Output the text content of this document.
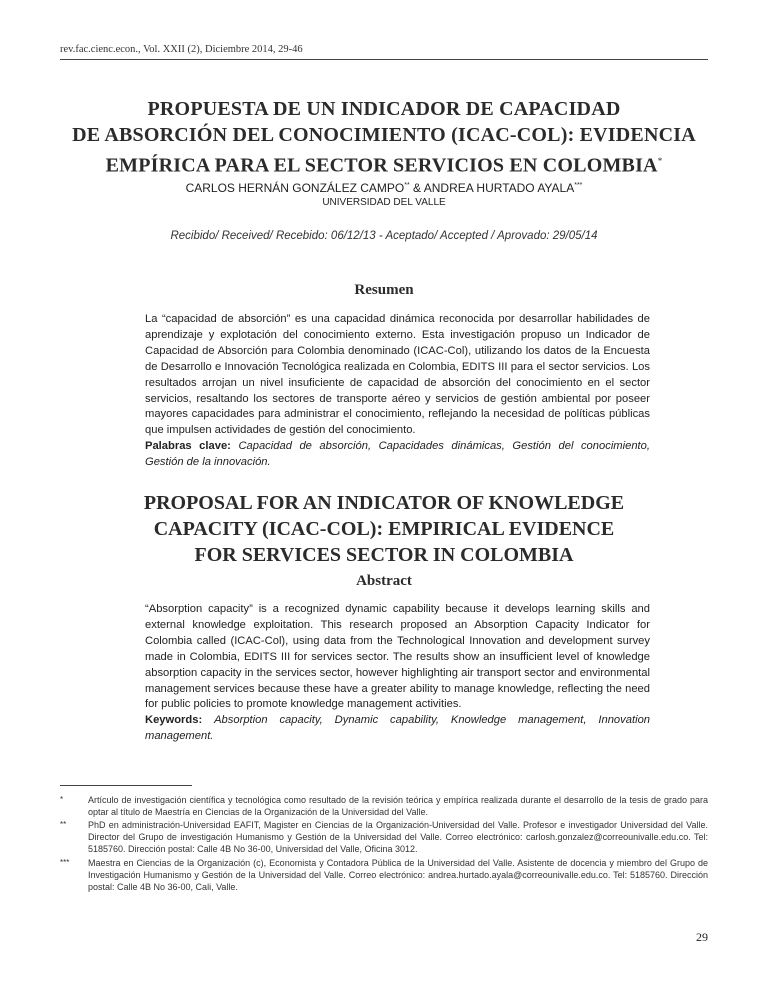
rev.fac.cienc.econ., Vol. XXII (2), Diciembre 2014, 29-46
PROPUESTA DE UN INDICADOR DE CAPACIDAD
DE ABSORCIÓN DEL CONOCIMIENTO (ICAC-COL): EVIDENCIA
EMPÍRICA PARA EL SECTOR SERVICIOS EN COLOMBIA*
CARLOS HERNÁN GONZÁLEZ CAMPO** & ANDREA HURTADO AYALA***
UNIVERSIDAD DEL VALLE
Recibido/ Received/ Recebido: 06/12/13 - Aceptado/ Accepted / Aprovado: 29/05/14
Resumen
La “capacidad de absorción” es una capacidad dinámica reconocida por desarrollar habilidades de aprendizaje y explotación del conocimiento externo. Esta investigación propuso un Indicador de Capacidad de Absorción para Colombia denominado (ICAC-Col), utilizando los datos de la Encuesta de Desarrollo e Innovación Tecnológica realizada en Colombia, EDITS III para el sector servicios. Los resultados arrojan un nivel insuficiente de capacidad de absorción del conocimiento en el sector servicios, resaltando los sectores de transporte aéreo y servicios de gestión ambiental por poseer mayores capacidades para administrar el conocimiento, reflejando la necesidad de políticas públicas que impulsen actividades de gestión del conocimiento.
Palabras clave: Capacidad de absorción, Capacidades dinámicas, Gestión del conocimiento, Gestión de la innovación.
PROPOSAL FOR AN INDICATOR OF KNOWLEDGE
CAPACITY (ICAC-COL): EMPIRICAL EVIDENCE
FOR SERVICES SECTOR IN COLOMBIA
Abstract
“Absorption capacity” is a recognized dynamic capability because it develops learning skills and external knowledge exploitation. This research proposed an Absorption Capacity Indicator for Colombia called (ICAC-Col), using data from the Technological Innovation and development survey made in Colombia, EDITS III for services sector. The results show an insufficient level of knowledge absorption capacity in the services sector, however highlighting air transport sector and environmental management services because these have a greater ability to manage knowledge, reflecting the need for public policies to promote knowledge management activities.
Keywords: Absorption capacity, Dynamic capability, Knowledge management, Innovation management.
*	Artículo de investigación científica y tecnológica como resultado de la revisión teórica y empírica realizada durante el desarrollo de la tesis de grado para optar al título de Maestría en Ciencias de la Organización de la Universidad del Valle.
**	PhD en administración-Universidad EAFIT, Magister en Ciencias de la Organización-Universidad del Valle. Profesor e investigador Universidad del Valle. Director del Grupo de investigación Humanismo y Gestión de la Universidad del Valle. Correo electrónico: carlosh.gonzalez@correounivalle.edu.co. Tel: 5185760. Dirección postal: Calle 4B No 36-00, Universidad del Valle, Oficina 3012.
***	Maestra en Ciencias de la Organización (c), Economista y Contadora Pública de la Universidad del Valle. Asistente de docencia y miembro del Grupo de Investigación Humanismo y Gestión de la Universidad del Valle. Correo electrónico: andrea.hurtado.ayala@correounivalle.edu.co. Tel: 5185760. Dirección postal: Calle 4B No 36-00, Cali, Valle.
29
